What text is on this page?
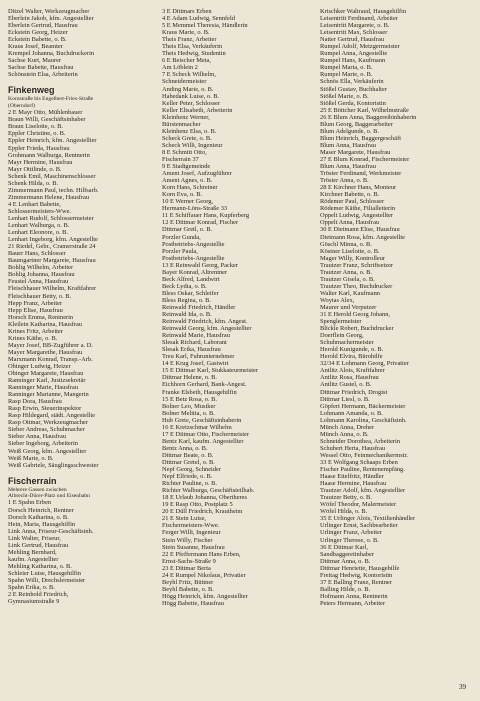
Ditzel Walter, Werkzeugmacher
Eberlein Jakob, kfm. Angestellter
Eberlein Gertrud, Hausfrau
Eckstein Georg, Heizer
Eckstein Babette, o. B.
Kraus Josef, Beamter
Krempel Johanna, Buchdruckerin
Sachse Kurt, Maurer
Sachse Babette, Hausfrau
Schönstein Elsa, Arbeiterin
Finkenweg
Kornstraße bis Engelbert-Fries-Straße
(Oberndorf)
2 E Mayr Otto, Mühlenbauer
Braun Willi, Geschäftsinhaber
Braun Liselotte, o. B.
Eppler Christine, o. B.
Eppler Heinrich, kfm. Angestellter
Eppler Frieda, Hausfrau
Grohmann Walburga, Rentnerin
Mayr Hermine, Hausfrau
Mayr Ottilinde, o. B.
Schenk Emil, Maschinenschlosser
Schenk Hilda, o. B.
Zimmermann Paul, techn. Hilfsarb.
Zimmermann Helene, Hausfrau
4 E Lenhart Babette,
Schlossermeisters-Wwe.
Lenhart Rudolf, Schlossermeister
Lenhart Walburga, o. B.
Lenhart Eleonore, o. B.
Lenhart Ingeborg, kfm. Angestellte
21 Riedel, Gebr., Cramerstraße 24
Bauer Hans, Schlosser
Baumgartner Margarete, Hausfrau
Bohlig Wilhelm, Arbeiter
Bohlig Johanna, Hausfrau
Feustel Anna, Hausfrau
Fleischhauer Wilhelm, Kraftfahrer
Fleischhauer Betty, o. B.
Hepp Franz, Arbeiter
Hepp Elise, Hausfrau
Horsch Emma, Rentnerin
Kleilein Katharina, Hausfrau
Krines Fritz, Arbeiter
Krines Käthe, o. B.
Mayer Josef, BB-Zugführer a. D.
Mayer Margarethe, Hausfrau
Marxmann Konrad, Transp.-Arb.
Obinger Ludwig, Heizer
Obinger Margarete, Hausfrau
Ranninger Karl, Justizsekretär
Ranninger Marie, Hausfrau
Ranninger Marianne, Mangerin
Rasp Dora, Hausfrau
Rasp Erwin, Steuerinspektor
Rasp Hildegard, städt. Angestellte
Rasp Ottmar, Werkzeugmacher
Sieber Andreas, Schuhmacher
Sieber Anna, Hausfrau
Sieber Ingeborg, Arbeiterin
Weiß Georg, kfm. Angestellter
Weiß Marie, o. B.
Weiß Gabriele, Säuglingsschwester
Fischerrain
Mehrere Gassen zwischen
Albrecht-Dürer-Platz und Eisenbahn
1 E Spahn Erben
Dorsch Heinrich, Rentner
Dorsch Katharina, o. B.
Hein, Maria, Hausgehilfin
Link Anna, Friseur-Geschäftsinh.
Link Walter, Friseur,
Link Gertrud, Hausfrau
Mehling Bernhard,
kaufm. Angestellter
Mehling Katharina, o. B.
Schleier Luise, Hausgehilfin
Spahn Willi, Drechslermeister
Spahn Erika, o. B.
2 E Reinhold Friedrich,
Gymnasiumstraße 9
3 E Dittmars Erben
4 E Adam Ludwig, Sennfeld
5 E Memmel Theresia, Händlerin
Kraus Marie, o. B.
Theis Franz, Arbeiter
Theis Elsa, Verkäuferin
Theis Hedwig, Studentin
6 E Beischer Meta,
Am Löblein 2
7 E Scheck Wilhelm,
Schneidermeister
Anding Marie, o. B.
Habedank Luise, o. B.
Keller Peter, Schlosser
Keller Elisabeth, Arbeiterin
Kleinhenz Werner,
Bürstenmacher
Kleinhenz Elsa, o. B.
Scheck Grete, o. B.
Scheck Willi, Ingenieur
8 E Schmitt Otto,
Fischerrain 37
9 E Stadtgemeinde
Ament Josef, Aufzugführer
Ament Agnes, o. B.
Korn Hans, Schreiner
Korn Eva, o. B.
10 E Werner Georg,
Hermann-Löns-Straße 33
11 E Schiffauer Hans, Kupferberg
12 E Dittmar Konrad, Fischer
Dittmar Gretl, o. B.
Porzler Gunda,
Postbetriebs-Angestellte
Porzler Paula,
Postbetriebs-Angestellte
13 E Reinwald Georg, Packer
Bayer Konrad, Altrentner
Beck Alfred, Landwirt
Beck Lydia, o. B.
Bless Oskar, Schleifer
Bless Regina, o. B.
Reinwald Friedrich, Händler
Reinwald Ida, o. B.
Reinwald Friedrich, kfm. Angest.
Reinwald Georg, kfm. Angestellter
Reinwald Marie, Hausfrau
Slesak Richard, Laborant
Slesak Erika, Hausfrau
Treu Karl, Fuhrunternehmer
14 E Krug Josef, Gastwirt
15 E Dittmar Karl, Stukkateurmeister
Dittmar Helene, o. B.
Eichhorn Gerhard, Bank-Angest.
Franke Elsbeth, Hausgehilfin
15 E Betz Rosa, o. B.
Bolner Leo, Musiker
Bolner Melitta, o. B.
Hub Grete, Geschäftsinhaberin
16 E Kretzschmar Wilhelm
17 E Dittmar Otto, Fischermeister
Bentz Karl, kaufm. Angestellter
Bentz Anna, o. B.
Dittmar Beate, o. B.
Dittmar Gretel, o. B.
Nepf Georg, Schneider
Nepf Elfriede, o. B.
Richter Pauline, o. B.
Richter Walburga, Geschäftsteilhab.
18 E Urlaub Johanna, Obertheres
19 E Rasp Otto, Postplatz 5
20 E Düll Friedrich, Krautheim
21 E Stein Luise,
Fischermeisters-Wwe.
Ferger Willi, Ingenieur
Stein Willy, Fischer
Stein Susanne, Hausfrau
22 E Pfeffermann Hans Erben,
Ernst-Sachs-Straße 9
23 E Dittmar Berta
24 E Rumpel Nikolaus, Privatier
Beyhl Fritz, Büttner
Beyhl Babette, o. B.
Högg Heinrich, kfm. Angestellter
Högg Babette, Hausfrau
Krischker Waltraud, Hausgehilfin
Leisentritt Ferdinand, Arbeiter
Leisentritt Margarete, o. B.
Leisentritt Max, Schlosser
Natter Gertrud, Hausfrau
Rumpel Adolf, Metzgermeister
Rumpel Anna, Angestellte
Rumpel Hans, Kaufmann
Rumpel Maria, o. B.
Rumpel Marie, o. B.
Schnös Ella, Verkäuferin
Stößel Gustav, Buchhalter
Stößel Marie, o. B.
Stößel Gerda, Kontoristin
25 E Böttcher Karl, Wilhelmstraße
26 E Blum Anna, Baggereibinhaberin
Blum Georg, Baggerarbeiter
Blum Adelgunde, o. B.
Blum Heinrich, Baggergeschäft
Blum Anna, Hausfrau
Maser Margarete, Hausfrau
27 E Blum Konrad, Fischermeister
Blum Anna, Hausfrau
Tröster Ferdinand, Werkmeister
Tröster Anna, o. B.
28 E Kirchner Hans, Monteur
Kirchner Babette, o. B.
Rödemer Paul, Schlosser
Rödemer Käthe, Filialleiterin
Oppelt Ludwig, Angestellter
Oppelt Anna, Hausfrau
30 E Dietmann Elise, Hausfrau
Dietmann Rosa, kfm. Angestellte
Göschl Minna, o. B.
Köstner Liselotte, o. B.
Mager Willy, Kontrolleur
Trautzer Franz, Schriftsetzer
Trautzer Anna, o. B.
Trautzer Gisela, o. B.
Trautzer Theo, Buchdrucker
Walter Karl, Kaufmann
Woytas Alex,
Maurer und Verputzer
31 E Herold Georg Johann,
Spenglermeister
Blickle Robert, Buchdrucker
Doerflein Georg,
Schuhmachermeister
Herold Kunigunde, o. B.
Herold Elvira, Bürohilfe
32/34 E Lohmann Georg, Privatier
Antlitz Alois, Kraftfahrer
Antlitz Rosa, Hausfrau
Antlitz Gustel, o. B.
Dittmar Friedrich, Drogist
Dittmar Liesl, o. B.
Göpfert Hermann, Bäckermeister
Lohmann Amanda, o. B.
Lohmann Karolina, Geschäftsinh.
Münch Anna, Dreher
Münch Anna, o. B.
Schneider Dorothea, Arbeiterin
Schubert Herta, Hausfrau
Wessel Otto, Feinmechanikermstr.
33 E Wolfgang Schaaps Erben
Fischer Pauline, Rentenempfäng.
Haase Eitelfritz, Händler
Haase Hermine, Hausfrau
Trautzer Adolf, kfm. Angestellter
Trautzer Betty, o. B.
Wöfel Theodor, Malermeister
Wöfel Hilda, o. B.
35 E Urlinger Alois, Textilienhändler
Urlinger Ernst, Sachbearbeiter
Urlinger Franz, Arbeiter
Urlinger Therese, o. B.
36 E Dittmar Karl,
Sandbaggereiinhaber
Dittmar Anna, o. B.
Dittmar Henriette, Hausgehilfe
Freitag Hedwig, Kontoristin
37 E Balling Franz, Rentner
Balling Hilde, o. B.
Hofmann Anna, Rentnerin
Peters Hermann, Arbeiter
39
